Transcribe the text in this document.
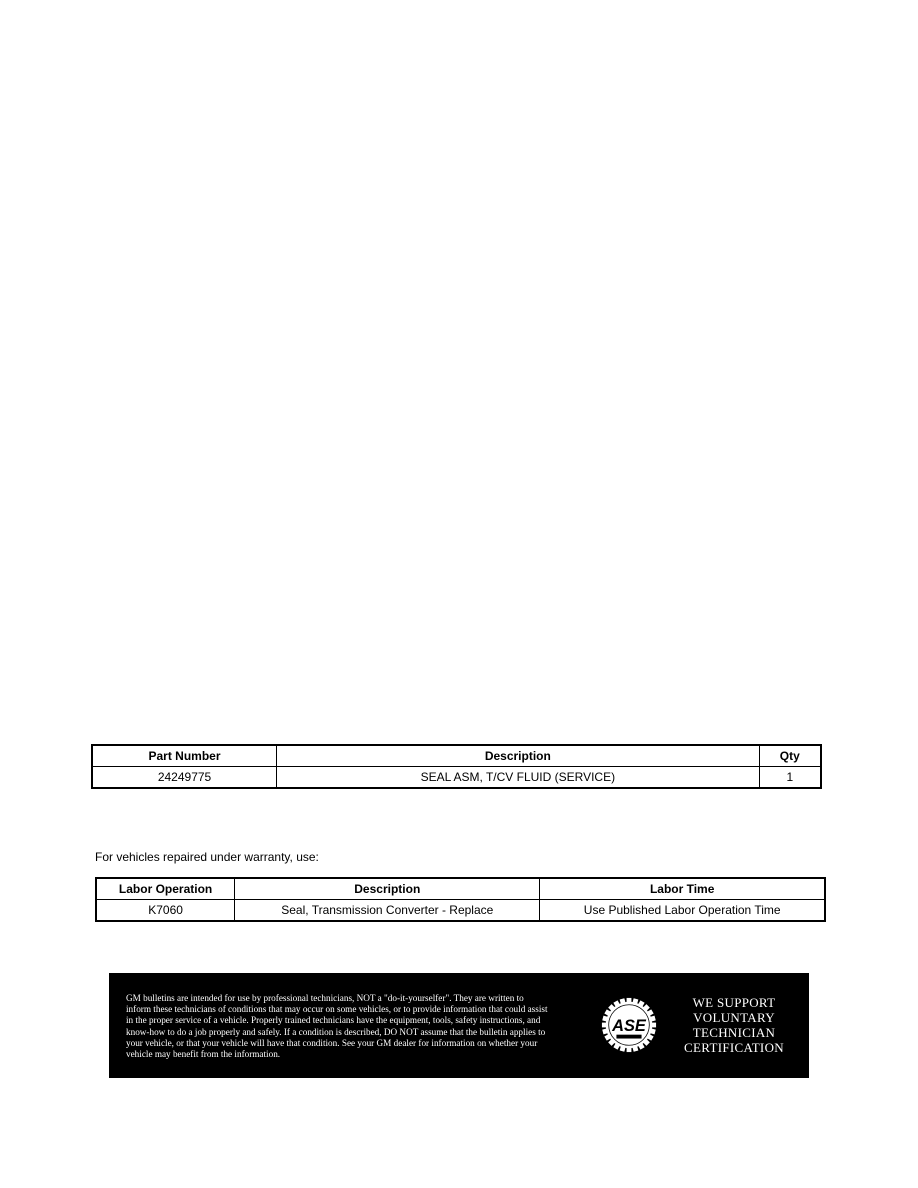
Part Number	Description	Qty
24249775	SEAL ASM, T/CV FLUID (SERVICE)	1
For vehicles repaired under warranty, use:
Labor Operation	Description	Labor Time
K7060	Seal, Transmission Converter - Replace	Use Published Labor Operation Time
GM bulletins are intended for use by professional technicians, NOT a "do-it-yourselfer". They are written to
inform these technicians of conditions that may occur on some vehicles, or to provide information that could assist
in the proper service of a vehicle. Properly trained technicians have the equipment, tools, safety instructions, and
know-how to do a job properly and safely. If a condition is described, DO NOT assume that the bulletin applies to
your vehicle, or that your vehicle will have that condition. See your GM dealer for information on whether your
vehicle may benefit from the information.
ASE
WE SUPPORT
VOLUNTARY
TECHNICIAN
CERTIFICATION
